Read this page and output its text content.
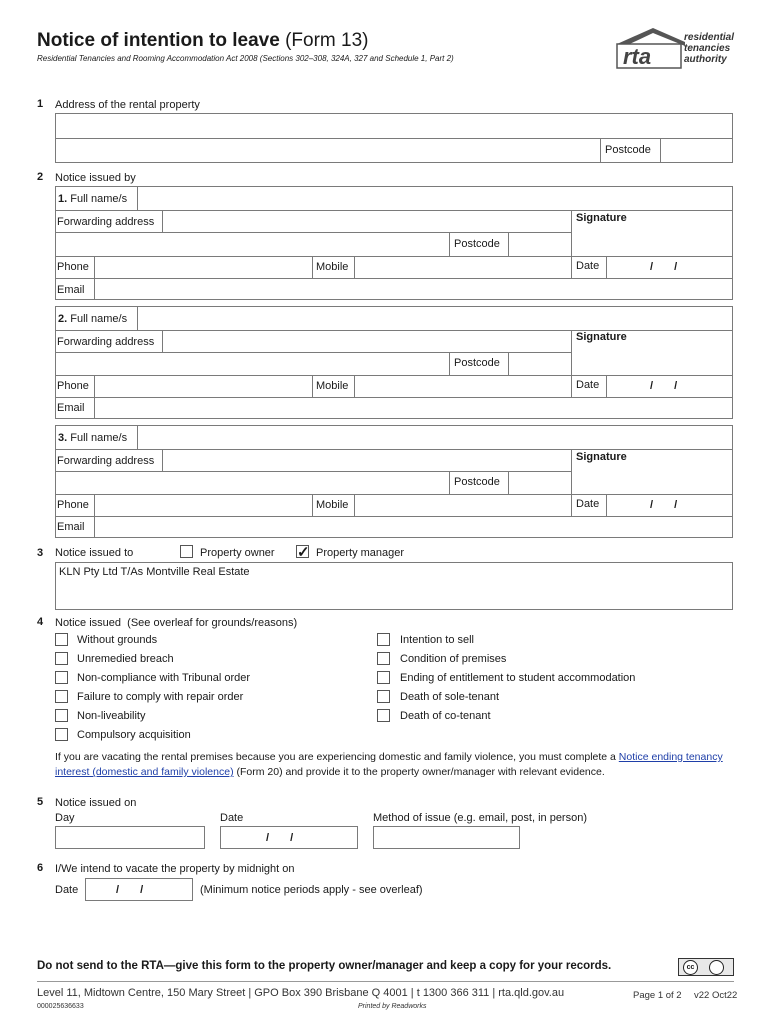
Notice of intention to leave (Form 13)
Residential Tenancies and Rooming Accommodation Act 2008 (Sections 302–308, 324A, 327 and Schedule 1, Part 2)	rta
residential
tenancies
authority
1 Address of the rental property
Postcode
2 Notice issued by
1. Full name/s
Forwarding address	Signature
Postcode
Phone	Mobile	Date	/ /
Email
2. Full name/s
Forwarding address	Signature
Postcode
Phone	Mobile	Date	/ /
Email
3. Full name/s
Forwarding address	Signature
Postcode
Phone	Mobile	Date	/ /
Email
3 Notice issued to	Property owner ✓ Property manager
KLN Pty Ltd T/As Montville Real Estate
4 Notice issued (See overleaf for grounds/reasons)
Without grounds
Unremedied breach
Non-compliance with Tribunal order
Failure to comply with repair order
Non-liveability
Compulsory acquisition
Intention to sell
Condition of premises
Ending of entitlement to student accommodation
Death of sole-tenant
Death of co-tenant
If you are vacating the rental premises because you are experiencing domestic and family violence, you must complete a Notice ending tenancy interest (domestic and family violence) (Form 20) and provide it to the property owner/manager with relevant evidence.
5 Notice issued on
Day	Date
/ /
Method of issue (e.g. email, post, in person)
6 I/We intend to vacate the property by midnight on
Date	/ /	(Minimum notice periods apply - see overleaf)
Do not send to the RTA—give this form to the property owner/manager and keep a copy for your records.	cc
Level 11, Midtown Centre, 150 Mary Street | GPO Box 390 Brisbane Q 4001 | t 1300 366 311 | rta.qld.gov.au	Page 1 of 2 v22 Oct22
000025636633	Printed by Readworks
